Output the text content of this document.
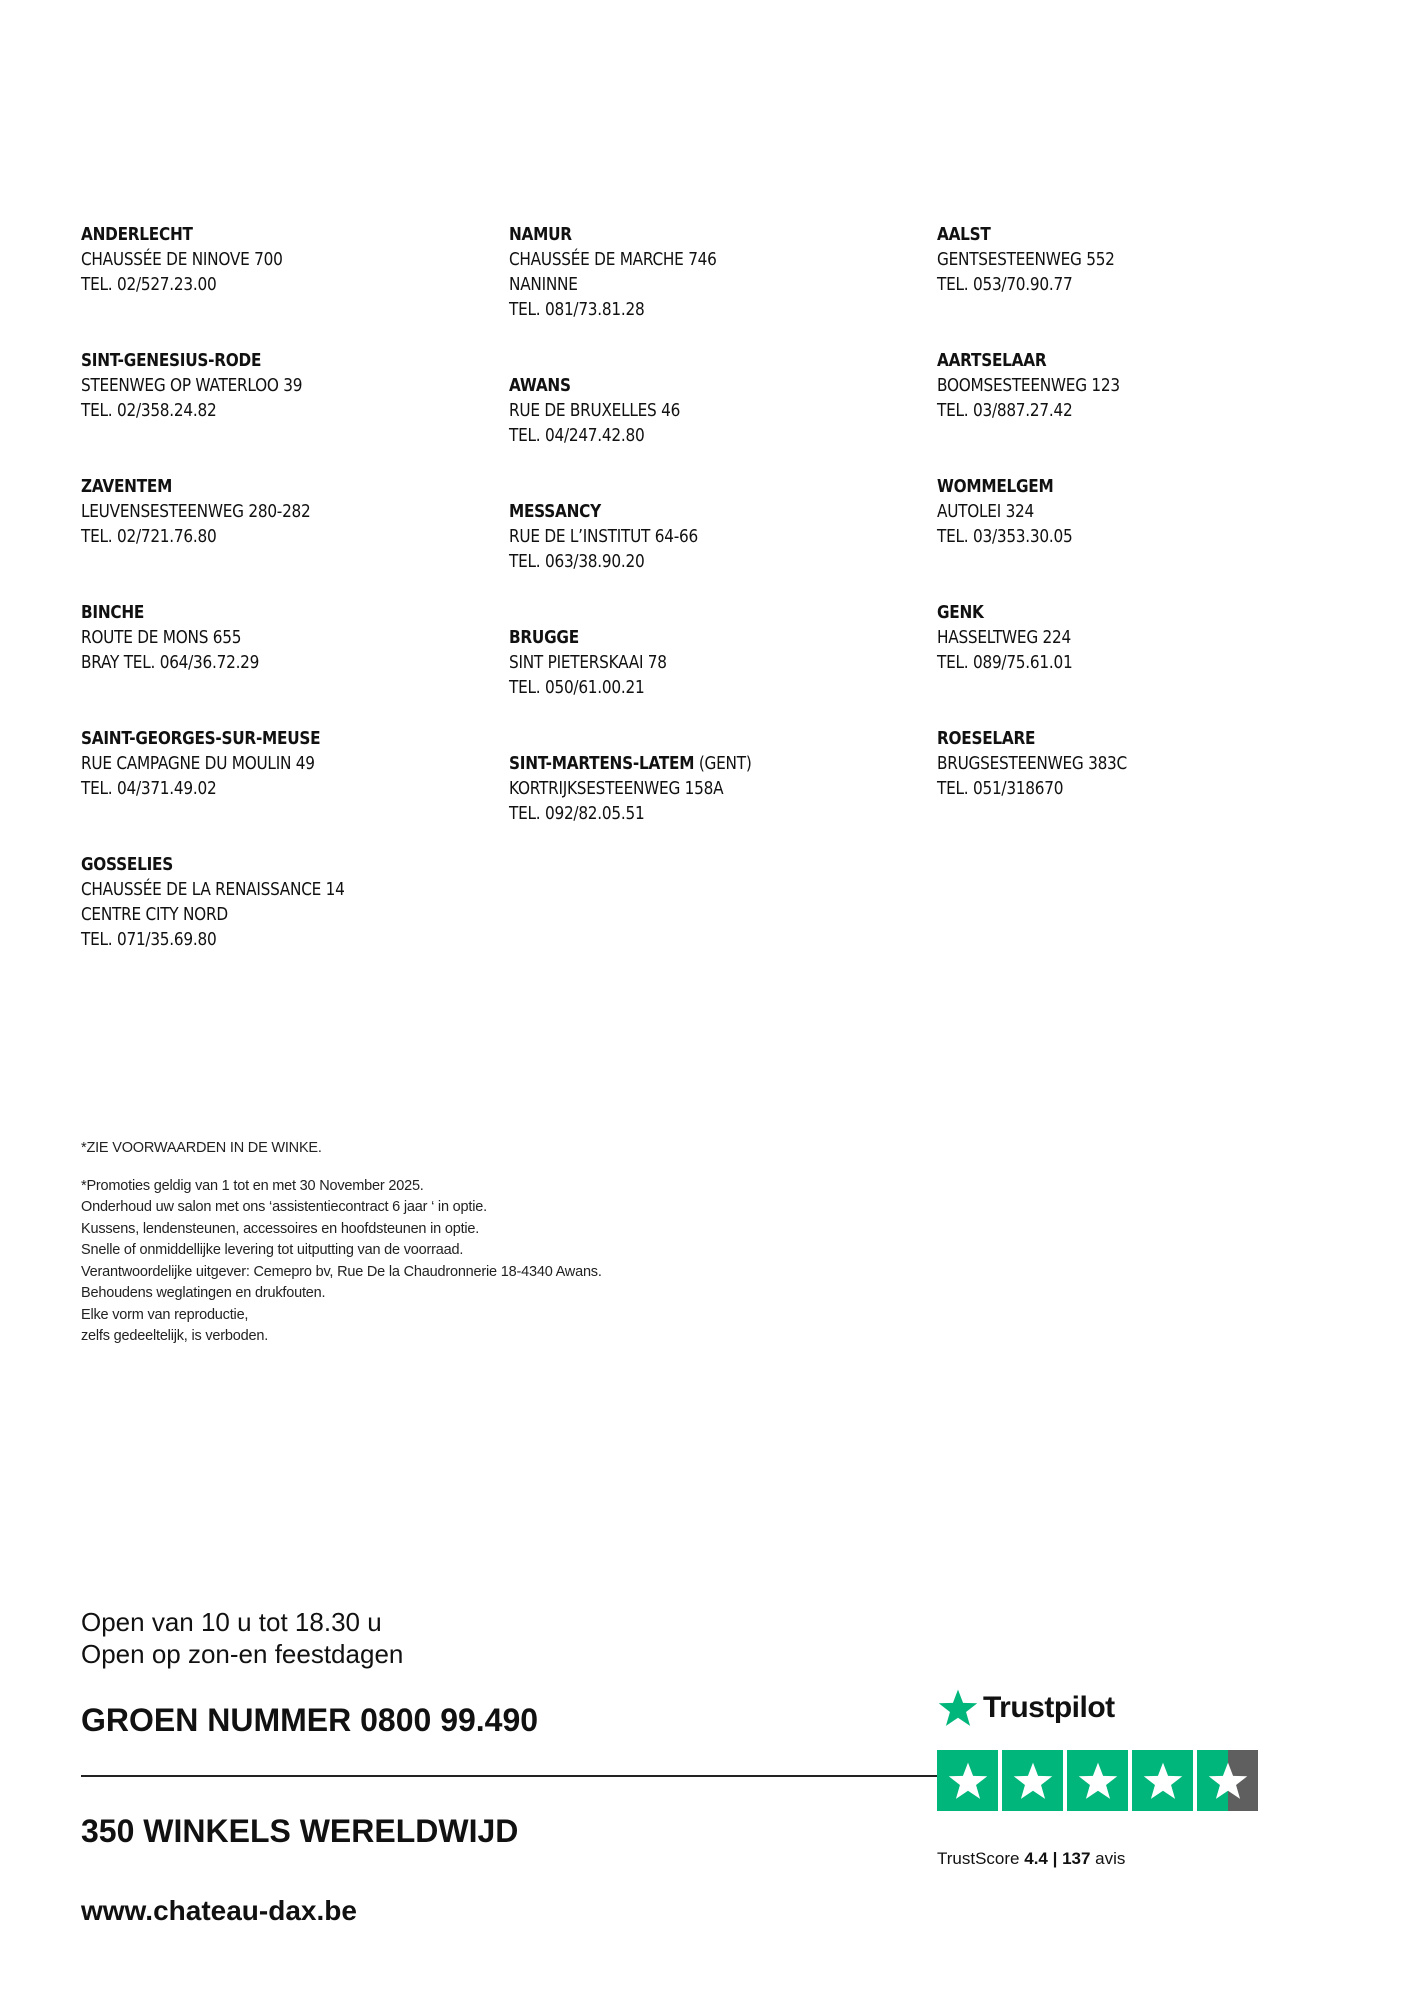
ANDERLECHT
CHAUSSÉE DE NINOVE 700
TEL. 02/527.23.00
SINT-GENESIUS-RODE
STEENWEG OP WATERLOO 39
TEL. 02/358.24.82
ZAVENTEM
LEUVENSESTEENWEG 280-282
TEL. 02/721.76.80
BINCHE
ROUTE DE MONS 655
BRAY TEL. 064/36.72.29
SAINT-GEORGES-SUR-MEUSE
RUE CAMPAGNE DU MOULIN 49
TEL. 04/371.49.02
GOSSELIES
CHAUSSÉE DE LA RENAISSANCE 14
CENTRE CITY NORD
TEL. 071/35.69.80
NAMUR
CHAUSSÉE DE MARCHE 746
NANINNE
TEL. 081/73.81.28
AWANS
RUE DE BRUXELLES 46
TEL. 04/247.42.80
MESSANCY
RUE DE L’INSTITUT 64-66
TEL. 063/38.90.20
BRUGGE
SINT PIETERSKAAI 78
TEL. 050/61.00.21
SINT-MARTENS-LATEM (GENT)
KORTRIJKSESTEENWEG 158A
TEL. 092/82.05.51
AALST
GENTSESTEENWEG 552
TEL. 053/70.90.77
AARTSELAAR
BOOMSESTEENWEG 123
TEL. 03/887.27.42
WOMMELGEM
AUTOLEI 324
TEL. 03/353.30.05
GENK
HASSELTWEG 224
TEL. 089/75.61.01
ROESELARE
BRUGSESTEENWEG 383C
TEL. 051/318670
*ZIE VOORWAARDEN IN DE WINKE.
*Promoties geldig van 1 tot en met 30 November 2025.
Onderhoud uw salon met ons ‘assistentiecontract 6 jaar ‘ in optie.
Kussens, lendensteunen, accessoires en hoofdsteunen in optie.
Snelle of onmiddellijke levering tot uitputting van de voorraad.
Verantwoordelijke uitgever: Cemepro bv, Rue De la Chaudronnerie 18-4340 Awans.
Behoudens weglatingen en drukfouten.
Elke vorm van reproductie,
zelfs gedeeltelijk, is verboden.
Open van 10 u tot 18.30 u
Open op zon-en feestdagen
GROEN NUMMER 0800 99.490
350 WINKELS WERELDWIJD
www.chateau-dax.be
Trustpilot
TrustScore 4.4 | 137 avis
